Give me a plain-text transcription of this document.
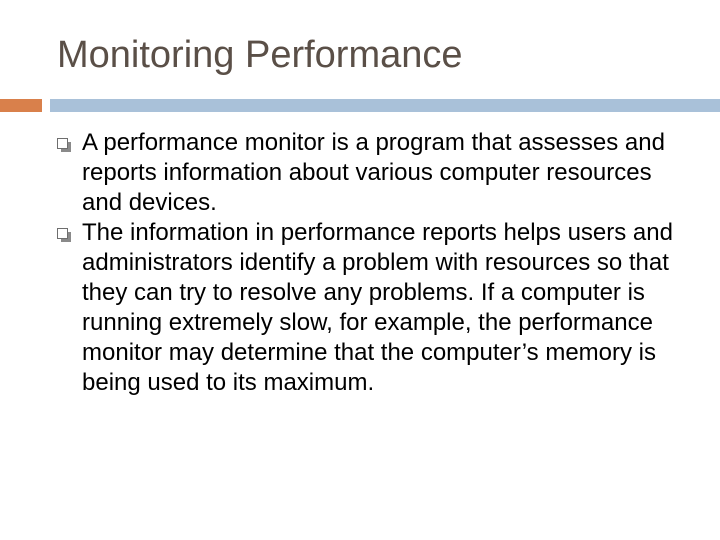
Monitoring Performance
A performance monitor is a program that assesses and reports information about various computer resources and devices.
The information in performance reports helps users and administrators identify a problem with resources so that they can try to resolve any problems. If a computer is running extremely slow, for example, the performance monitor may determine that the computer’s memory is being used to its maximum.
